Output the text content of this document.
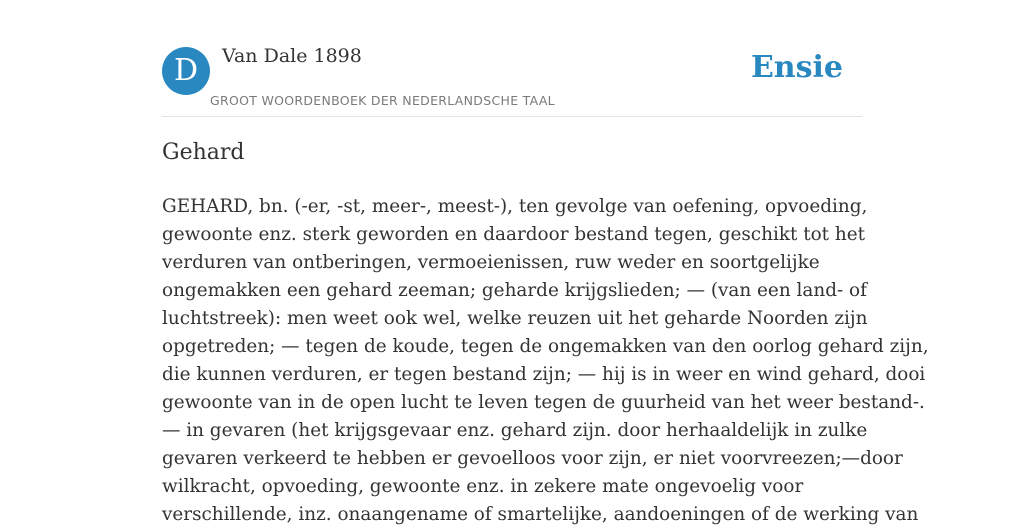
D	Van Dale 1898
GROOT WOORDENBOEK DER NEDERLANDSCHE TAAL
Ensie
Gehard

GEHARD, bn. (-er, -st, meer-, meest-), ten gevolge van oefening, opvoeding,
gewoonte enz. sterk geworden en daardoor bestand tegen, geschikt tot het
verduren van ontberingen, vermoeienissen, ruw weder en soortgelijke
ongemakken een gehard zeeman; geharde krijgslieden; — (van een land- of
luchtstreek): men weet ook wel, welke reuzen uit het geharde Noorden zijn
opgetreden; — tegen de koude, tegen de ongemakken van den oorlog gehard zijn,
die kunnen verduren, er tegen bestand zijn; — hij is in weer en wind gehard, dooi
gewoonte van in de open lucht te leven tegen de guurheid van het weer bestand-.
— in gevaren (het krijgsgevaar enz. gehard zijn. door herhaaldelijk in zulke
gevaren verkeerd te hebben er gevoelloos voor zijn, er niet voorvreezen;—door
wilkracht, opvoeding, gewoonte enz. in zekere mate ongevoelig voor
verschillende, inz. onaangename of smartelijke, aandoeningen of de werking van
